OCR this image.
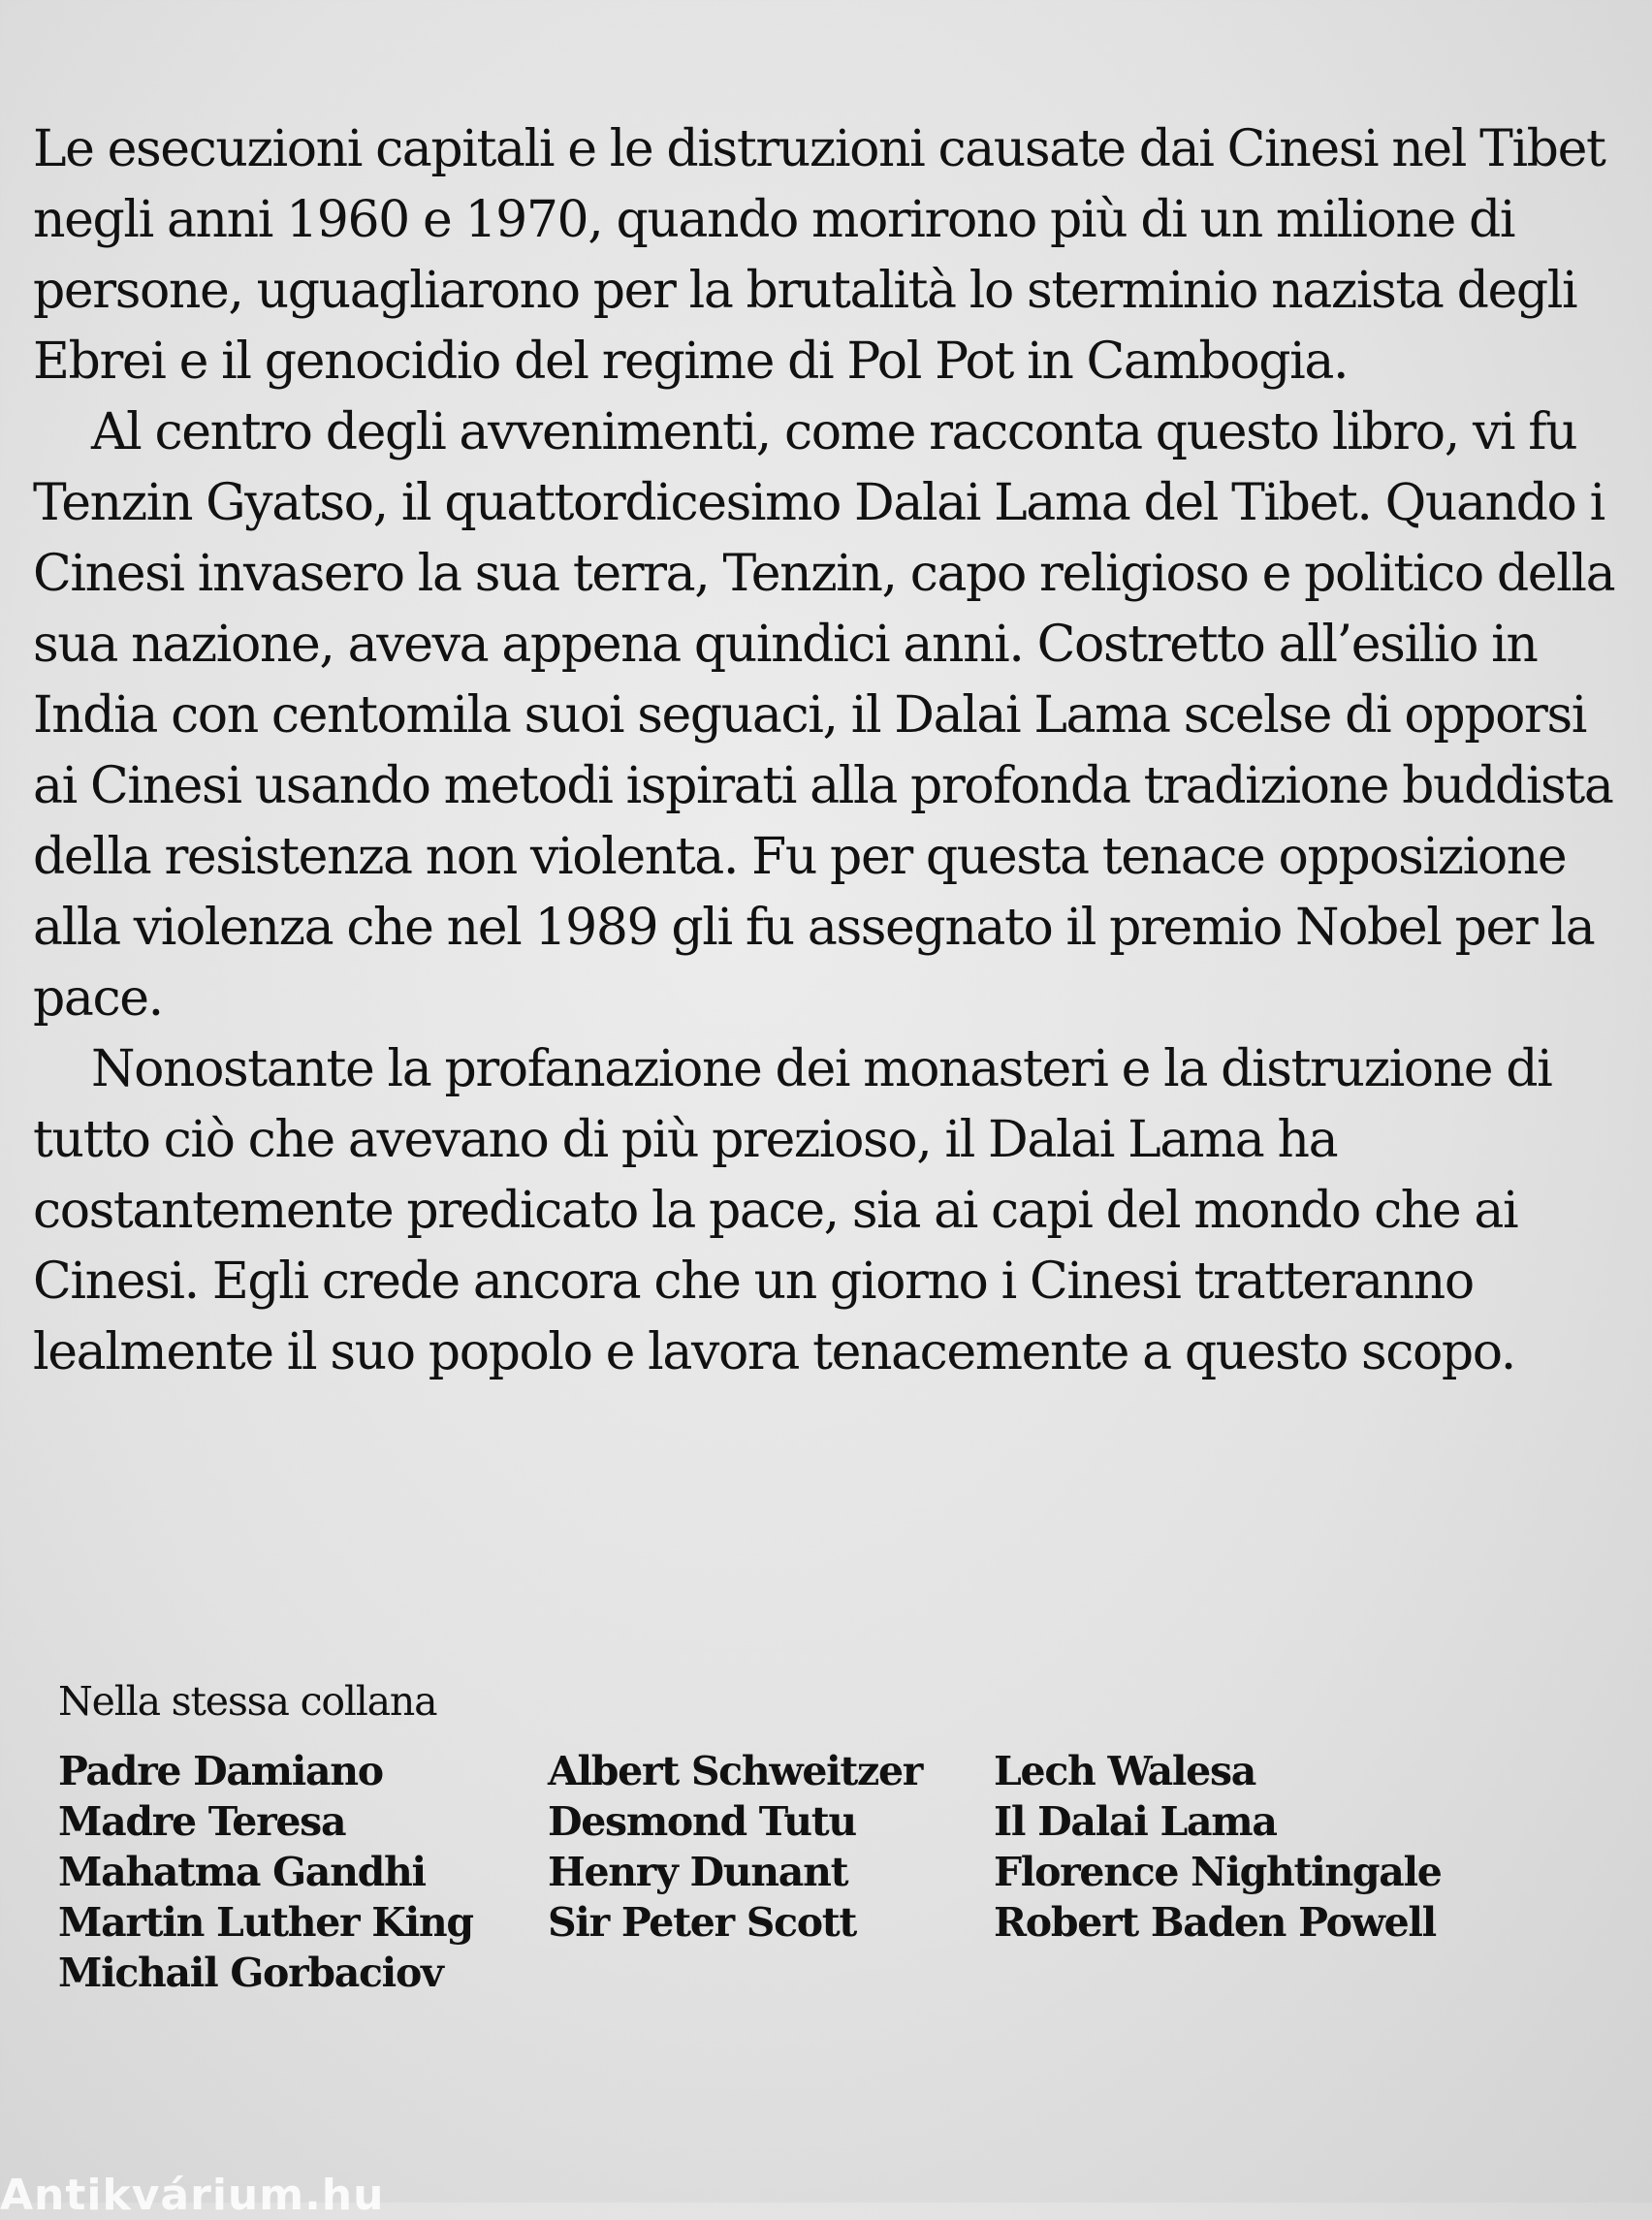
Le esecuzioni capitali e le distruzioni causate dai Cinesi nel Tibet negli anni 1960 e 1970, quando morirono più di un milione di persone, uguagliarono per la brutalità lo sterminio nazista degli Ebrei e il genocidio del regime di Pol Pot in Cambogia.

Al centro degli avvenimenti, come racconta questo libro, vi fu Tenzin Gyatso, il quattordicesimo Dalai Lama del Tibet. Quando i Cinesi invasero la sua terra, Tenzin, capo religioso e politico della sua nazione, aveva appena quindici anni. Costretto all’esilio in India con centomila suoi seguaci, il Dalai Lama scelse di opporsi ai Cinesi usando metodi ispirati alla profonda tradizione buddista della resistenza non violenta. Fu per questa tenace opposizione alla violenza che nel 1989 gli fu assegnato il premio Nobel per la pace.

Nonostante la profanazione dei monasteri e la distruzione di tutto ciò che avevano di più prezioso, il Dalai Lama ha costantemente predicato la pace, sia ai capi del mondo che ai Cinesi. Egli crede ancora che un giorno i Cinesi tratteranno lealmente il suo popolo e lavora tenacemente a questo scopo.

Nella stessa collana
Padre Damiano
Madre Teresa
Mahatma Gandhi
Martin Luther King
Michail Gorbaciov
Albert Schweitzer
Desmond Tutu
Henry Dunant
Sir Peter Scott
Lech Walesa
Il Dalai Lama
Florence Nightingale
Robert Baden Powell
Antikvárium.hu
